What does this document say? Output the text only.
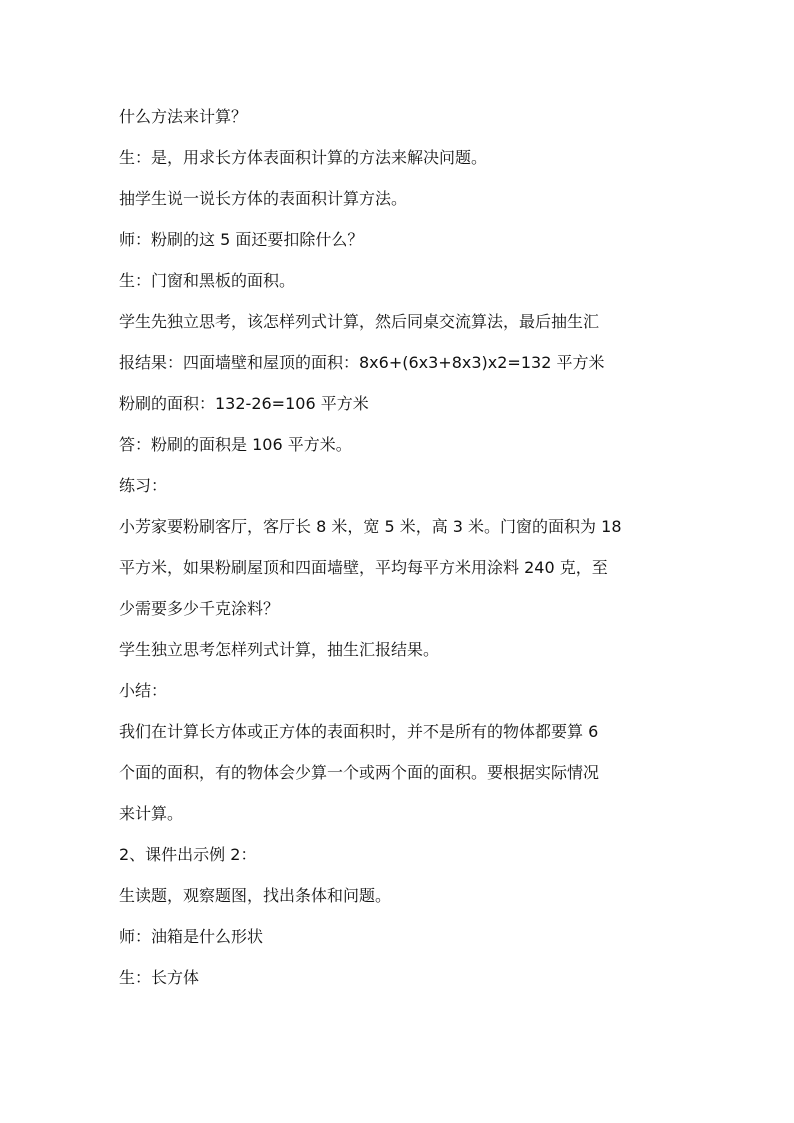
什么方法来计算？
生：是，用求长方体表面积计算的方法来解决问题。
抽学生说一说长方体的表面积计算方法。
师：粉刷的这 5 面还要扣除什么？
生：门窗和黑板的面积。
学生先独立思考，该怎样列式计算，然后同桌交流算法，最后抽生汇
报结果：四面墙壁和屋顶的面积：8x6+(6x3+8x3)x2=132 平方米
粉刷的面积：132-26=106 平方米
答：粉刷的面积是 106 平方米。
练习：
小芳家要粉刷客厅，客厅长 8 米，宽 5 米，高 3 米。门窗的面积为 18
平方米，如果粉刷屋顶和四面墙壁，平均每平方米用涂料 240 克，至
少需要多少千克涂料？
学生独立思考怎样列式计算，抽生汇报结果。
小结：
我们在计算长方体或正方体的表面积时，并不是所有的物体都要算 6
个面的面积，有的物体会少算一个或两个面的面积。要根据实际情况
来计算。
2、课件出示例 2：
生读题，观察题图，找出条体和问题。
师：油箱是什么形状
生：长方体
